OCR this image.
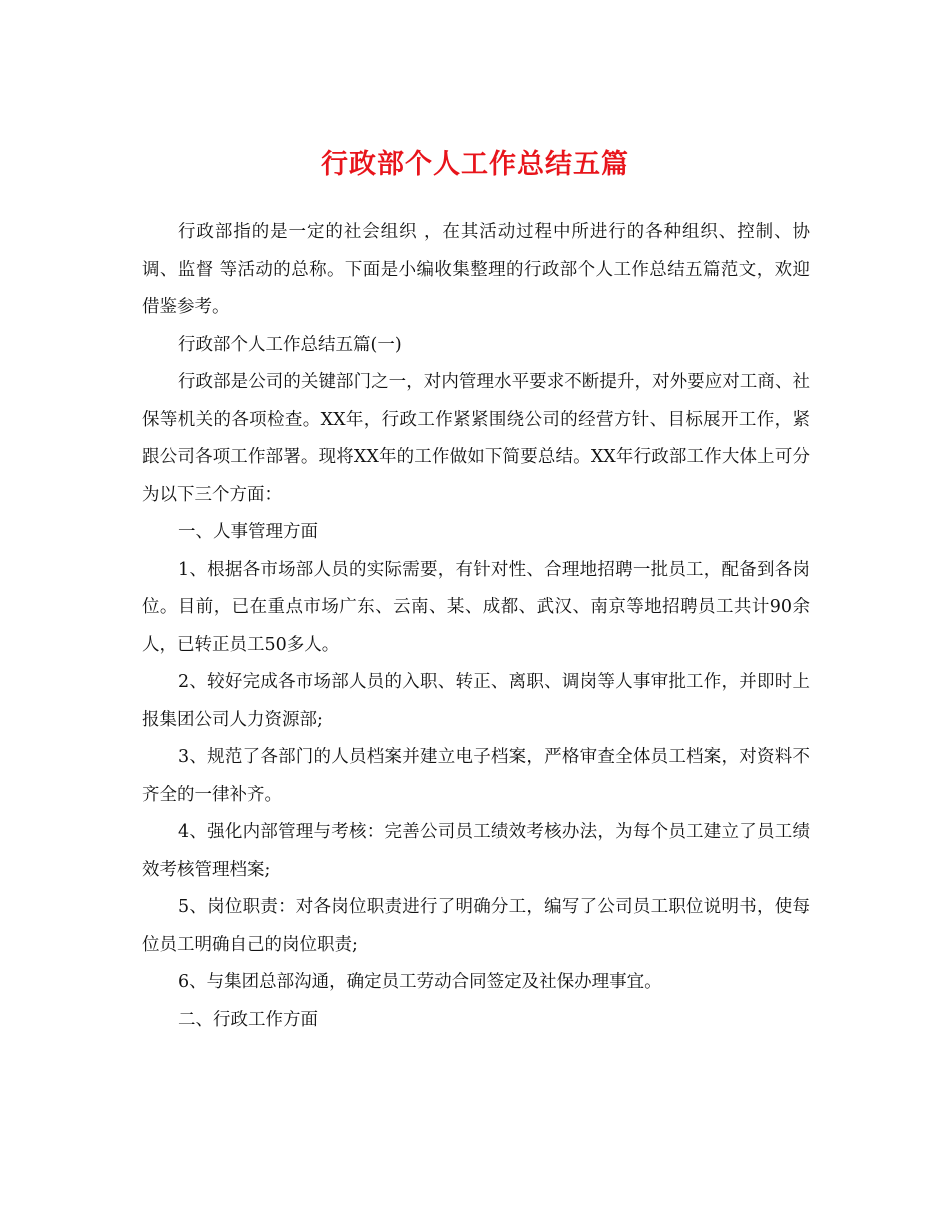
行政部个人工作总结五篇

行政部指的是一定的社会组织 ，在其活动过程中所进行的各种组织、控制、协调、监督 等活动的总称。下面是小编收集整理的行政部个人工作总结五篇范文，欢迎借鉴参考。

行政部个人工作总结五篇(一)

行政部是公司的关键部门之一，对内管理水平要求不断提升，对外要应对工商、社保等机关的各项检查。XX年，行政工作紧紧围绕公司的经营方针、目标展开工作，紧跟公司各项工作部署。现将XX年的工作做如下简要总结。XX年行政部工作大体上可分为以下三个方面：

一、人事管理方面

1、根据各市场部人员的实际需要，有针对性、合理地招聘一批员工，配备到各岗位。目前，已在重点市场广东、云南、某、成都、武汉、南京等地招聘员工共计90余人，已转正员工50多人。

2、较好完成各市场部人员的入职、转正、离职、调岗等人事审批工作，并即时上报集团公司人力资源部;

3、规范了各部门的人员档案并建立电子档案，严格审查全体员工档案，对资料不齐全的一律补齐。

4、强化内部管理与考核：完善公司员工绩效考核办法，为每个员工建立了员工绩效考核管理档案;

5、岗位职责：对各岗位职责进行了明确分工，编写了公司员工职位说明书，使每位员工明确自己的岗位职责;

6、与集团总部沟通，确定员工劳动合同签定及社保办理事宜。

二、行政工作方面
